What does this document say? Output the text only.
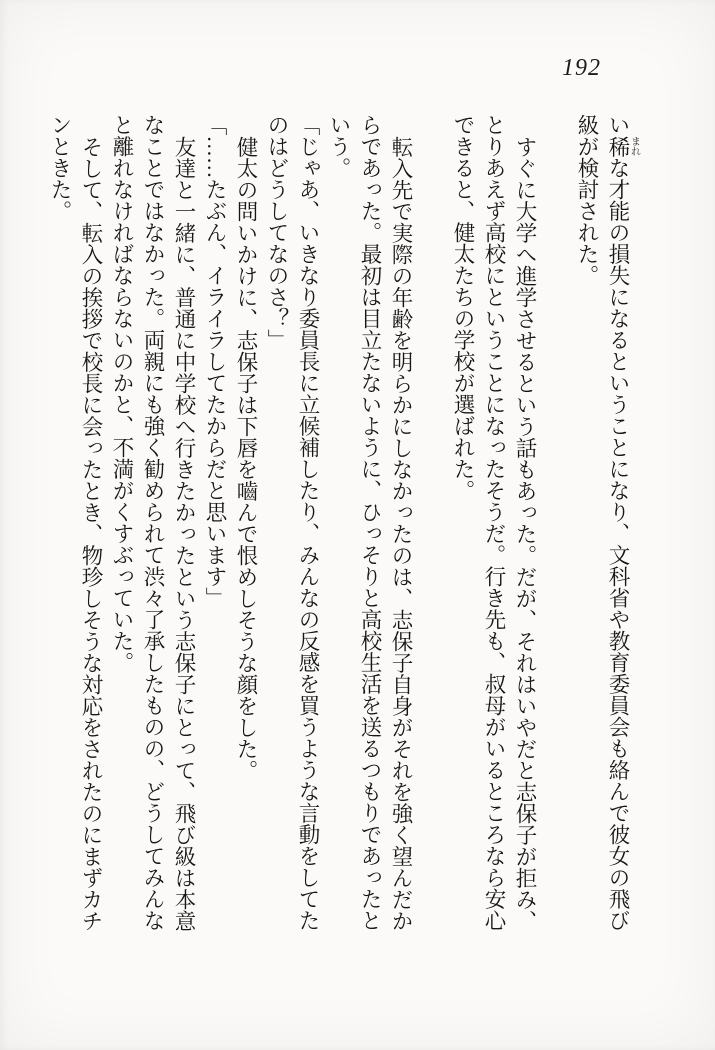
192

い稀まれな才能の損失になるということになり、文科省や教育委員会も絡んで彼女の飛び級が検討された。

すぐに大学へ進学させるという話もあった。だが、それはいやだと志保子が拒み、とりあえず高校にということになったそうだ。行き先も、叔母がいるところなら安心できると、健太たちの学校が選ばれた。

転入先で実際の年齢を明らかにしなかったのは、志保子自身がそれを強く望んだからであった。最初は目立たないように、ひっそりと高校生活を送るつもりであったという。

「じゃあ、いきなり委員長に立候補したり、みんなの反感を買うような言動をしてたのはどうしてなのさ？」

健太の問いかけに、志保子は下唇を嚙んで恨めしそうな顔をした。

「……たぶん、イライラしてたからだと思います」

友達と一緒に、普通に中学校へ行きたかったという志保子にとって、飛び級は本意なことではなかった。両親にも強く勧められて渋々了承したものの、どうしてみんなと離れなければならないのかと、不満がくすぶっていた。

そして、転入の挨拶で校長に会ったとき、物珍しそうな対応をされたのにまずカチンときた。
